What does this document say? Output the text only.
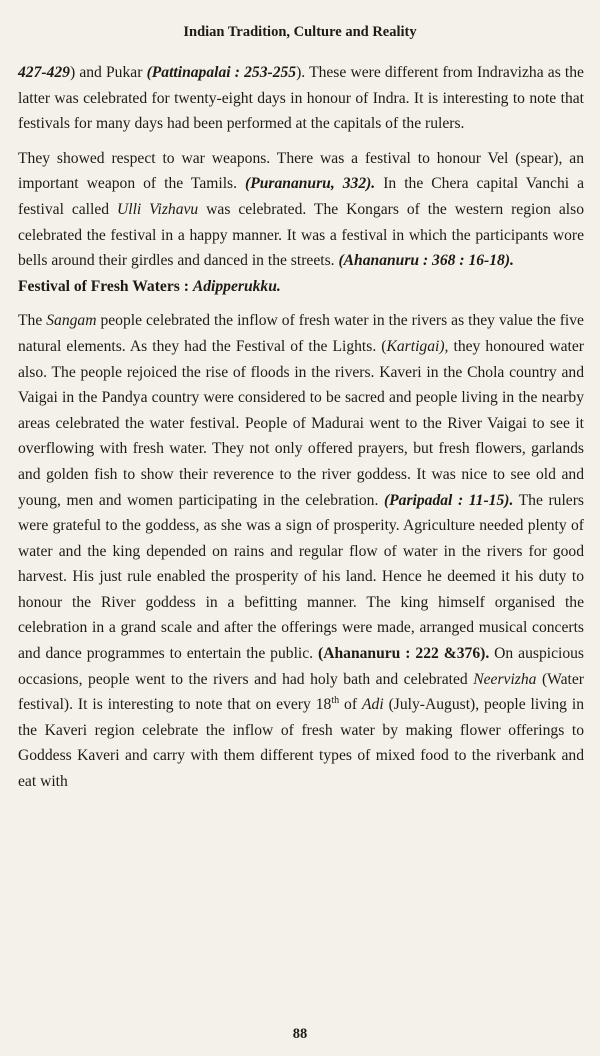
Indian Tradition, Culture and Reality

427-429) and Pukar (Pattinapalai : 253-255). These were different from Indravizha as the latter was celebrated for twenty-eight days in honour of Indra. It is interesting to note that festivals for many days had been performed at the capitals of the rulers.

They showed respect to war weapons. There was a festival to honour Vel (spear), an important weapon of the Tamils. (Purananuru, 332). In the Chera capital Vanchi a festival called Ulli Vizhavu was celebrated. The Kongars of the western region also celebrated the festival in a happy manner. It was a festival in which the participants wore bells around their girdles and danced in the streets. (Ahananuru : 368 : 16-18).

Festival of Fresh Waters : Adipperukku.

The Sangam people celebrated the inflow of fresh water in the rivers as they value the five natural elements. As they had the Festival of the Lights. (Kartigai), they honoured water also. The people rejoiced the rise of floods in the rivers. Kaveri in the Chola country and Vaigai in the Pandya country were considered to be sacred and people living in the nearby areas celebrated the water festival. People of Madurai went to the River Vaigai to see it overflowing with fresh water. They not only offered prayers, but fresh flowers, garlands and golden fish to show their reverence to the river goddess. It was nice to see old and young, men and women participating in the celebration. (Paripadal : 11-15). The rulers were grateful to the goddess, as she was a sign of prosperity. Agriculture needed plenty of water and the king depended on rains and regular flow of water in the rivers for good harvest. His just rule enabled the prosperity of his land. Hence he deemed it his duty to honour the River goddess in a befitting manner. The king himself organised the celebration in a grand scale and after the offerings were made, arranged musical concerts and dance programmes to entertain the public. (Ahananuru : 222 &376). On auspicious occasions, people went to the rivers and had holy bath and celebrated Neervizha (Water festival). It is interesting to note that on every 18th of Adi (July-August), people living in the Kaveri region celebrate the inflow of fresh water by making flower offerings to Goddess Kaveri and carry with them different types of mixed food to the riverbank and eat with

88
